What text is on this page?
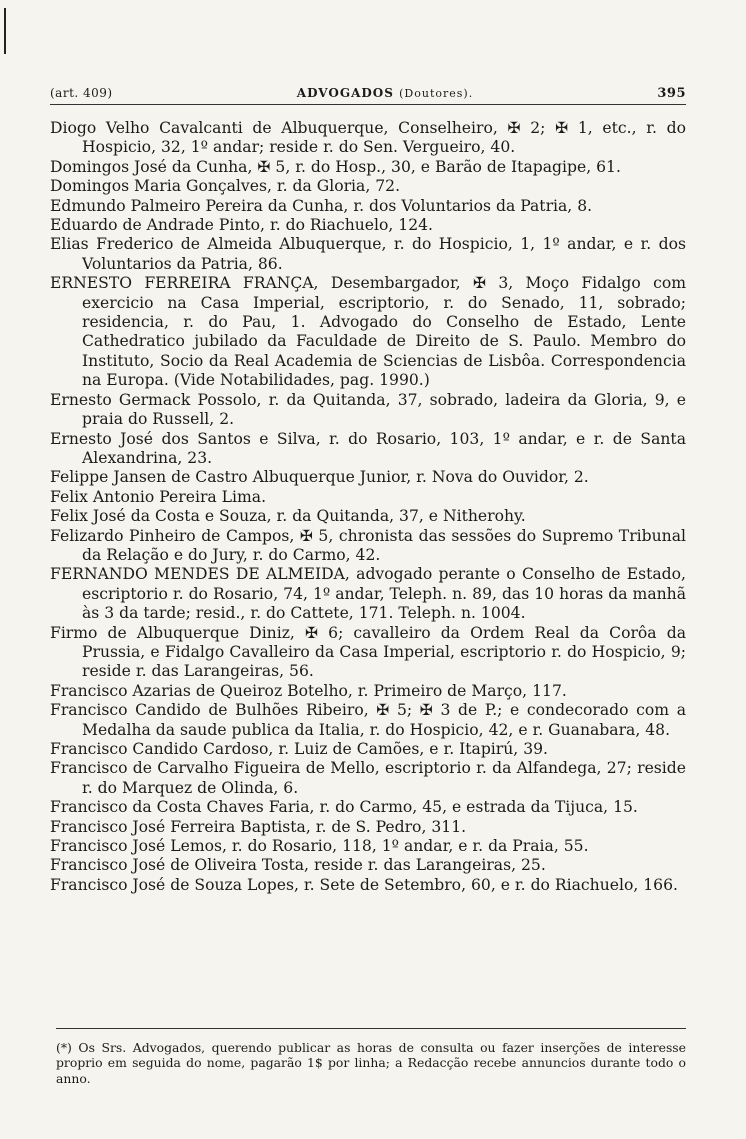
(art. 409)	ADVOGADOS (Doutores).	395
Diogo Velho Cavalcanti de Albuquerque, Conselheiro, ✠ 2; ✠ 1, etc., r. do Hospicio, 32, 1º andar; reside r. do Sen. Vergueiro, 40.
Domingos José da Cunha, ✠ 5, r. do Hosp., 30, e Barão de Itapagipe, 61.
Domingos Maria Gonçalves, r. da Gloria, 72.
Edmundo Palmeiro Pereira da Cunha, r. dos Voluntarios da Patria, 8.
Eduardo de Andrade Pinto, r. do Riachuelo, 124.
Elias Frederico de Almeida Albuquerque, r. do Hospicio, 1, 1º andar, e r. dos Voluntarios da Patria, 86.
ERNESTO FERREIRA FRANÇA, Desembargador, ✠ 3, Moço Fidalgo com exercicio na Casa Imperial, escriptorio, r. do Senado, 11, sobrado; residencia, r. do Pau, 1. Advogado do Conselho de Estado, Lente Cathedratico jubilado da Faculdade de Direito de S. Paulo. Membro do Instituto, Socio da Real Academia de Sciencias de Lisbôa. Correspondencia na Europa. (Vide Notabilidades, pag. 1990.)
Ernesto Germack Possolo, r. da Quitanda, 37, sobrado, ladeira da Gloria, 9, e praia do Russell, 2.
Ernesto José dos Santos e Silva, r. do Rosario, 103, 1º andar, e r. de Santa Alexandrina, 23.
Felippe Jansen de Castro Albuquerque Junior, r. Nova do Ouvidor, 2.
Felix Antonio Pereira Lima.
Felix José da Costa e Souza, r. da Quitanda, 37, e Nitherohy.
Felizardo Pinheiro de Campos, ✠ 5, chronista das sessões do Supremo Tribunal da Relação e do Jury, r. do Carmo, 42.
FERNANDO MENDES DE ALMEIDA, advogado perante o Conselho de Estado, escriptorio r. do Rosario, 74, 1º andar, Teleph. n. 89, das 10 horas da manhã às 3 da tarde; resid., r. do Cattete, 171. Teleph. n. 1004.
Firmo de Albuquerque Diniz, ✠ 6; cavalleiro da Ordem Real da Corôa da Prussia, e Fidalgo Cavalleiro da Casa Imperial, escriptorio r. do Hospicio, 9; reside r. das Larangeiras, 56.
Francisco Azarias de Queiroz Botelho, r. Primeiro de Março, 117.
Francisco Candido de Bulhões Ribeiro, ✠ 5; ✠ 3 de P.; e condecorado com a Medalha da saude publica da Italia, r. do Hospicio, 42, e r. Guanabara, 48.
Francisco Candido Cardoso, r. Luiz de Camões, e r. Itapirú, 39.
Francisco de Carvalho Figueira de Mello, escriptorio r. da Alfandega, 27; reside r. do Marquez de Olinda, 6.
Francisco da Costa Chaves Faria, r. do Carmo, 45, e estrada da Tijuca, 15.
Francisco José Ferreira Baptista, r. de S. Pedro, 311.
Francisco José Lemos, r. do Rosario, 118, 1º andar, e r. da Praia, 55.
Francisco José de Oliveira Tosta, reside r. das Larangeiras, 25.
Francisco José de Souza Lopes, r. Sete de Setembro, 60, e r. do Riachuelo, 166.
(*) Os Srs. Advogados, querendo publicar as horas de consulta ou fazer inserções de interesse proprio em seguida do nome, pagarão 1$ por linha; a Redacção recebe annuncios durante todo o anno.
